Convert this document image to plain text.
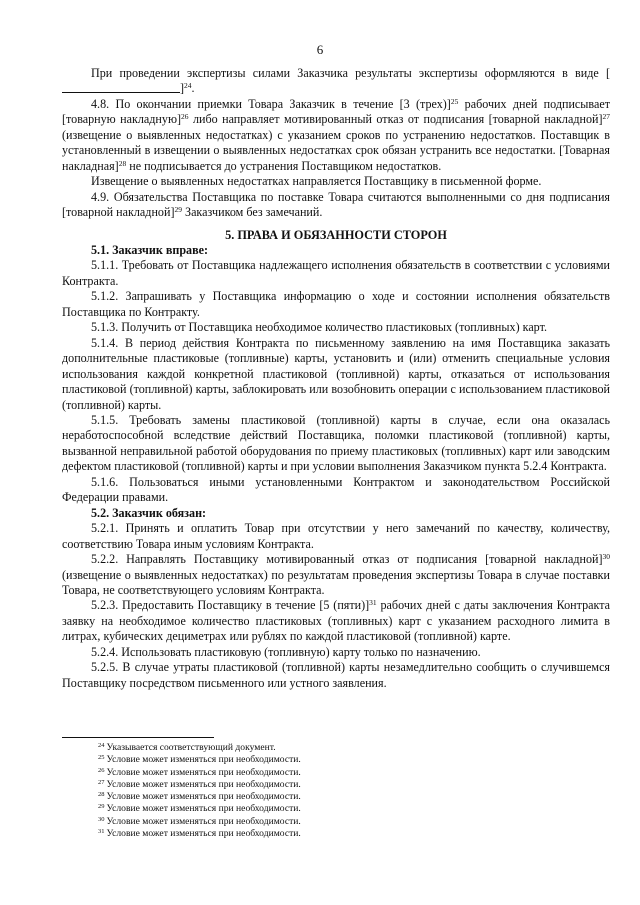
6

При проведении экспертизы силами Заказчика результаты экспертизы оформляются в виде []$^{24}$.

4.8. По окончании приемки Товара Заказчик в течение [3 (трех)]$^{25}$ рабочих дней подписывает [товарную накладную]$^{26}$ либо направляет мотивированный отказ от подписания [товарной накладной]$^{27}$ (извещение о выявленных недостатках) с указанием сроков по устранению недостатков. Поставщик в установленный в извещении о выявленных недостатках срок обязан устранить все недостатки. [Товарная накладная]$^{28}$ не подписывается до устранения Поставщиком недостатков.

Извещение о выявленных недостатках направляется Поставщику в письменной форме.

4.9. Обязательства Поставщика по поставке Товара считаются выполненными со дня подписания [товарной накладной]$^{29}$ Заказчиком без замечаний.

5. ПРАВА И ОБЯЗАННОСТИ СТОРОН

5.1. Заказчик вправе:

5.1.1. Требовать от Поставщика надлежащего исполнения обязательств в соответствии с условиями Контракта.

5.1.2. Запрашивать у Поставщика информацию о ходе и состоянии исполнения обязательств Поставщика по Контракту.

5.1.3. Получить от Поставщика необходимое количество пластиковых (топливных) карт.

5.1.4. В период действия Контракта по письменному заявлению на имя Поставщика заказать дополнительные пластиковые (топливные) карты, установить и (или) отменить специальные условия использования каждой конкретной пластиковой (топливной) карты, отказаться от использования пластиковой (топливной) карты, заблокировать или возобновить операции с использованием пластиковой (топливной) карты.

5.1.5. Требовать замены пластиковой (топливной) карты в случае, если она оказалась неработоспособной вследствие действий Поставщика, поломки пластиковой (топливной) карты, вызванной неправильной работой оборудования по приему пластиковых (топливных) карт или заводским дефектом пластиковой (топливной) карты и при условии выполнения Заказчиком пункта 5.2.4 Контракта.

5.1.6. Пользоваться иными установленными Контрактом и законодательством Российской Федерации правами.

5.2. Заказчик обязан:

5.2.1. Принять и оплатить Товар при отсутствии у него замечаний по качеству, количеству, соответствию Товара иным условиям Контракта.

5.2.2. Направлять Поставщику мотивированный отказ от подписания [товарной накладной]$^{30}$ (извещение о выявленных недостатках) по результатам проведения экспертизы Товара в случае поставки Товара, не соответствующего условиям Контракта.

5.2.3. Предоставить Поставщику в течение [5 (пяти)]$^{31}$ рабочих дней с даты заключения Контракта заявку на необходимое количество пластиковых (топливных) карт с указанием расходного лимита в литрах, кубических дециметрах или рублях по каждой пластиковой (топливной) карте.

5.2.4. Использовать пластиковую (топливную) карту только по назначению.

5.2.5. В случае утраты пластиковой (топливной) карты незамедлительно сообщить о случившемся Поставщику посредством письменного или устного заявления.

$^{24}$ Указывается соответствующий документ.

$^{25}$ Условие может изменяться при необходимости.

$^{26}$ Условие может изменяться при необходимости.

$^{27}$ Условие может изменяться при необходимости.

$^{28}$ Условие может изменяться при необходимости.

$^{29}$ Условие может изменяться при необходимости.

$^{30}$ Условие может изменяться при необходимости.

$^{31}$ Условие может изменяться при необходимости.
